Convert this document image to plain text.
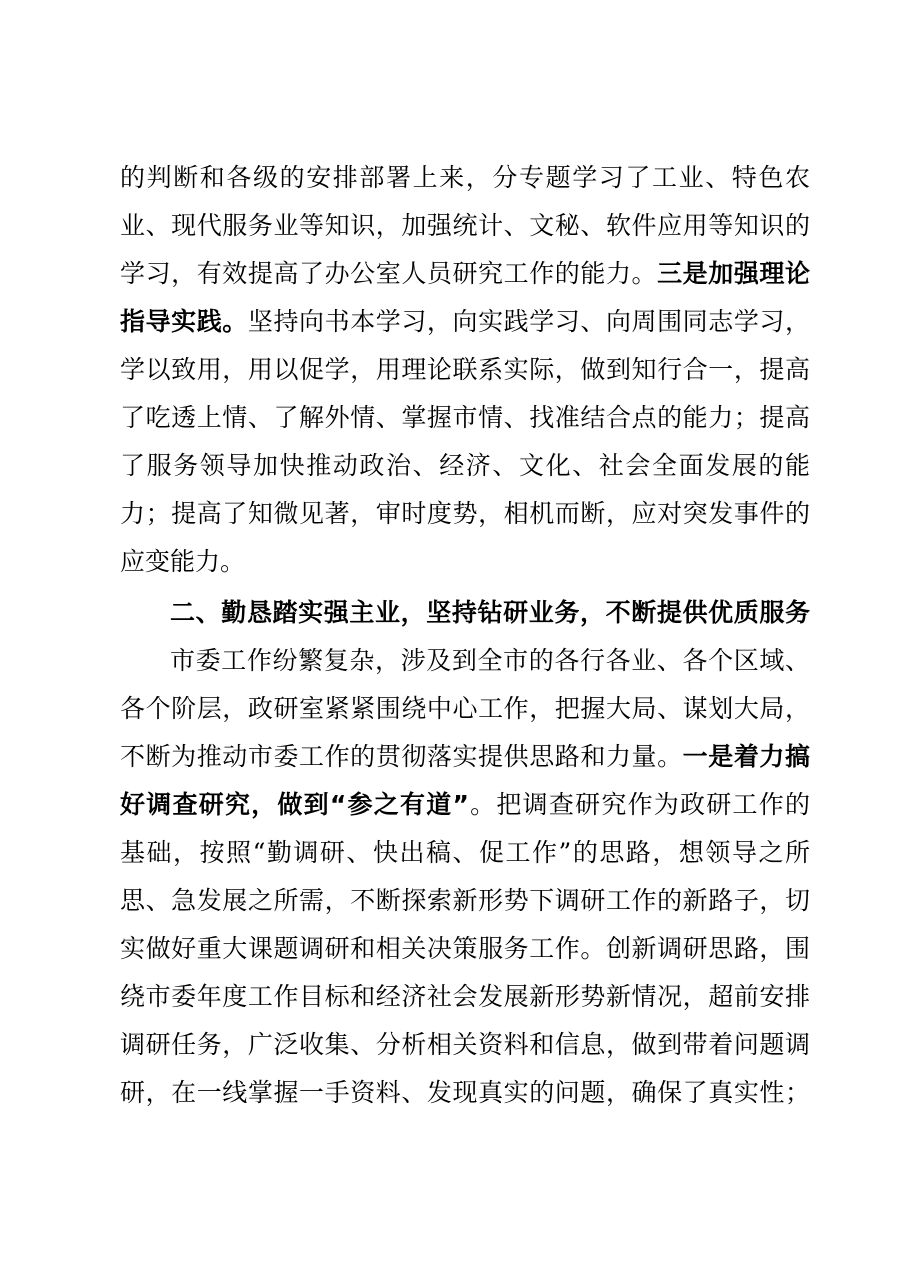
的判断和各级的安排部署上来，分专题学习了工业、特色农
业、现代服务业等知识，加强统计、文秘、软件应用等知识的
学习，有效提高了办公室人员研究工作的能力。三是加强理论
指导实践。坚持向书本学习，向实践学习、向周围同志学习，
学以致用，用以促学，用理论联系实际，做到知行合一，提高
了吃透上情、了解外情、掌握市情、找准结合点的能力；提高
了服务领导加快推动政治、经济、文化、社会全面发展的能
力；提高了知微见著，审时度势，相机而断，应对突发事件的
应变能力。
二、勤恳踏实强主业，坚持钻研业务，不断提供优质服务
市委工作纷繁复杂，涉及到全市的各行各业、各个区域、
各个阶层，政研室紧紧围绕中心工作，把握大局、谋划大局，
不断为推动市委工作的贯彻落实提供思路和力量。一是着力搞
好调查研究，做到“参之有道”。把调查研究作为政研工作的
基础，按照“勤调研、快出稿、促工作”的思路，想领导之所
思、急发展之所需，不断探索新形势下调研工作的新路子，切
实做好重大课题调研和相关决策服务工作。创新调研思路，围
绕市委年度工作目标和经济社会发展新形势新情况，超前安排
调研任务，广泛收集、分析相关资料和信息，做到带着问题调
研，在一线掌握一手资料、发现真实的问题，确保了真实性；
